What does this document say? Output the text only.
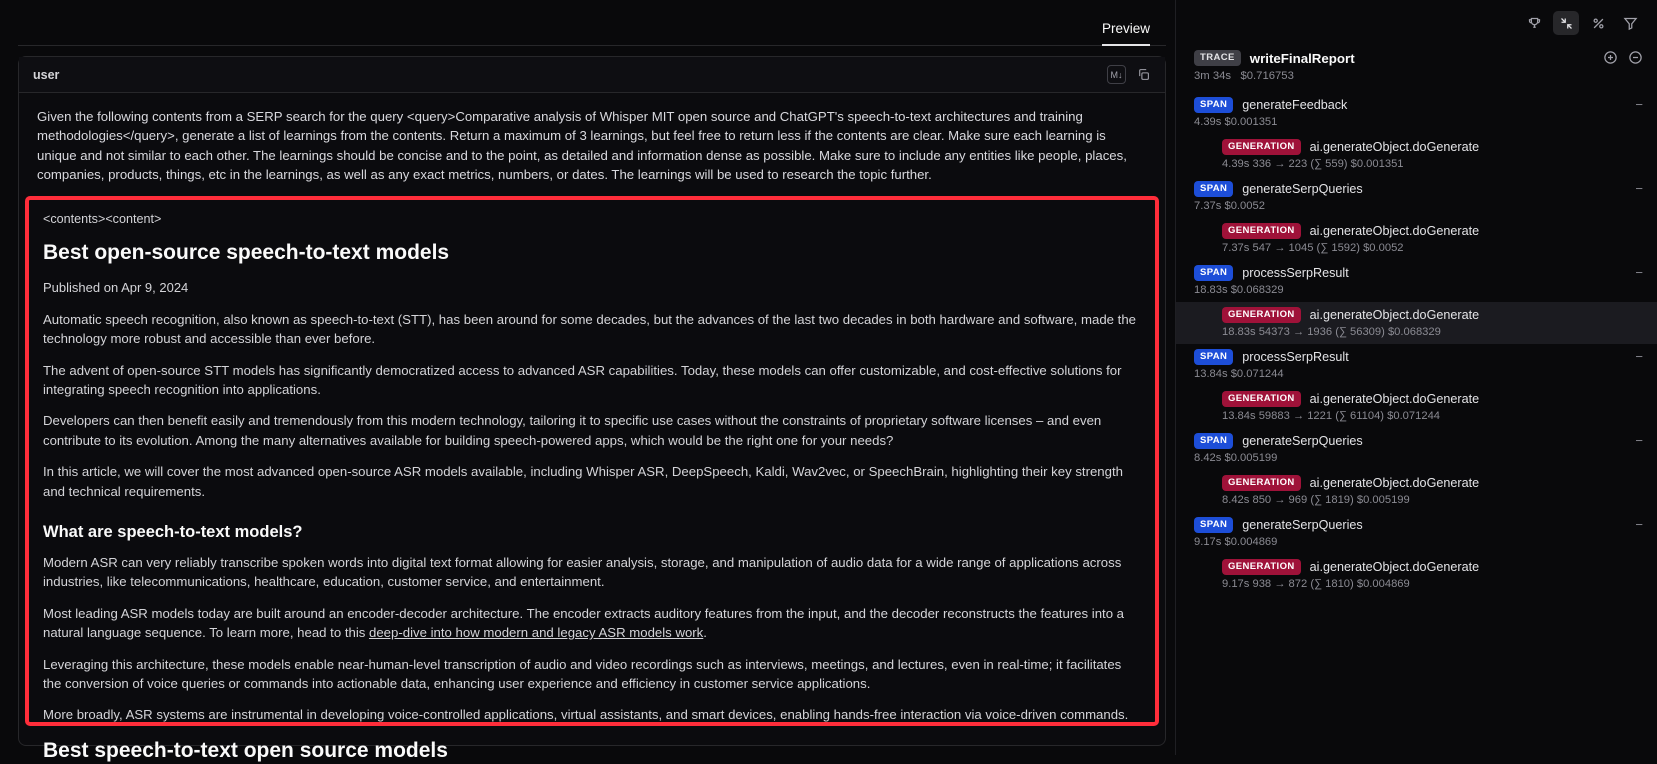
Preview
user	M↓

Given the following contents from a SERP search for the query <query>Comparative analysis of Whisper MIT open source and ChatGPT's speech-to-text architectures and training methodologies</query>, generate a list of learnings from the contents. Return a maximum of 3 learnings, but feel free to return less if the contents are clear. Make sure each learning is unique and not similar to each other. The learnings should be concise and to the point, as detailed and information dense as possible. Make sure to include any entities like people, places, companies, products, things, etc in the learnings, as well as any exact metrics, numbers, or dates. The learnings will be used to research the topic further.

<contents><content>
Best open-source speech-to-text models
Published on Apr 9, 2024

Automatic speech recognition, also known as speech-to-text (STT), has been around for some decades, but the advances of the last two decades in both hardware and software, made the technology more robust and accessible than ever before.

The advent of open-source STT models has significantly democratized access to advanced ASR capabilities. Today, these models can offer customizable, and cost-effective solutions for integrating speech recognition into applications.

Developers can then benefit easily and tremendously from this modern technology, tailoring it to specific use cases without the constraints of proprietary software licenses – and even contribute to its evolution. Among the many alternatives available for building speech-powered apps, which would be the right one for your needs?

In this article, we will cover the most advanced open-source ASR models available, including Whisper ASR, DeepSpeech, Kaldi, Wav2vec, or SpeechBrain, highlighting their key strength and technical requirements.

What are speech-to-text models?

Modern ASR can very reliably transcribe spoken words into digital text format allowing for easier analysis, storage, and manipulation of audio data for a wide range of applications across industries, like telecommunications, healthcare, education, customer service, and entertainment.

Most leading ASR models today are built around an encoder-decoder architecture. The encoder extracts auditory features from the input, and the decoder reconstructs the features into a natural language sequence. To learn more, head to this deep-dive into how modern and legacy ASR models work.

Leveraging this architecture, these models enable near-human-level transcription of audio and video recordings such as interviews, meetings, and lectures, even in real-time; it facilitates the conversion of voice queries or commands into actionable data, enhancing user experience and efficiency in customer service applications.

More broadly, ASR systems are instrumental in developing voice-controlled applications, virtual assistants, and smart devices, enabling hands-free interaction via voice-driven commands.

Best speech-to-text open source models
TRACE	writeFinalReport
3m 34s $0.716753
SPAN	generateFeedback
4.39s $0.001351
−
GENERATION	ai.generateObject.doGenerate
4.39s 336 → 223 (∑ 559) $0.001351
SPAN	generateSerpQueries
7.37s $0.0052
−
GENERATION	ai.generateObject.doGenerate
7.37s 547 → 1045 (∑ 1592) $0.0052
SPAN	processSerpResult
18.83s $0.068329
−
GENERATION	ai.generateObject.doGenerate
18.83s 54373 → 1936 (∑ 56309) $0.068329
SPAN	processSerpResult
13.84s $0.071244
−
GENERATION	ai.generateObject.doGenerate
13.84s 59883 → 1221 (∑ 61104) $0.071244
SPAN	generateSerpQueries
8.42s $0.005199
−
GENERATION	ai.generateObject.doGenerate
8.42s 850 → 969 (∑ 1819) $0.005199
SPAN	generateSerpQueries
9.17s $0.004869
−
GENERATION	ai.generateObject.doGenerate
9.17s 938 → 872 (∑ 1810) $0.004869
